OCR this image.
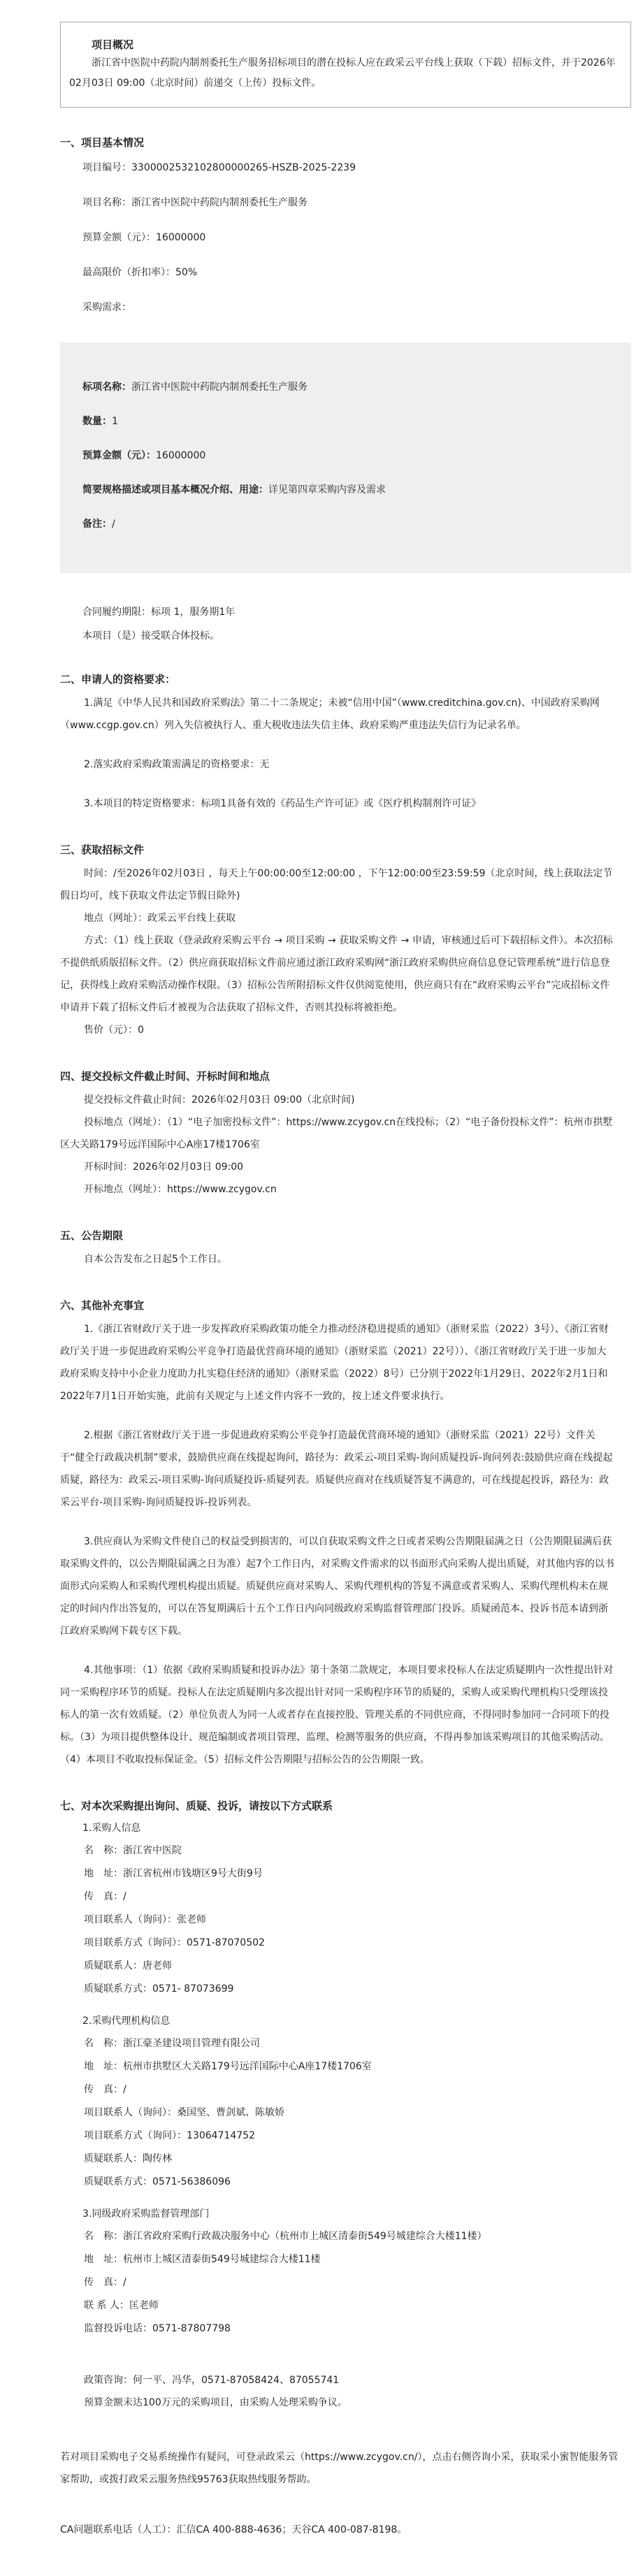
项目概况
浙江省中医院中药院内制剂委托生产服务招标项目的潜在投标人应在政采云平台线上获取（下载）招标文件，并于2026年02月03日 09:00（北京时间）前递交（上传）投标文件。
一、项目基本情况
项目编号：3300002532102800000265-HSZB-2025-2239
项目名称：浙江省中医院中药院内制剂委托生产服务
预算金额（元）：16000000
最高限价（折扣率）：50%
采购需求：
标项名称：浙江省中医院中药院内制剂委托生产服务
数量：1
预算金额（元）：16000000
简要规格描述或项目基本概况介绍、用途：详见第四章采购内容及需求
备注：/
合同履约期限：标项 1，服务期1年
本项目（是）接受联合体投标。
二、申请人的资格要求：
1.满足《中华人民共和国政府采购法》第二十二条规定；未被“信用中国”（www.creditchina.gov.cn)、中国政府采购网（www.ccgp.gov.cn）列入失信被执行人、重大税收违法失信主体、政府采购严重违法失信行为记录名单。
2.落实政府采购政策需满足的资格要求：无
3.本项目的特定资格要求：标项1具备有效的《药品生产许可证》或《医疗机构制剂许可证》
三、获取招标文件
时间：/至2026年02月03日 ，每天上午00:00:00至12:00:00 ，下午12:00:00至23:59:59（北京时间，线上获取法定节假日均可，线下获取文件法定节假日除外)
地点（网址）：政采云平台线上获取
方式：（1）线上获取（登录政府采购云平台 → 项目采购 → 获取采购文件 → 申请，审核通过后可下载招标文件）。本次招标不提供纸质版招标文件。（2）供应商获取招标文件前应通过浙江政府采购网“浙江政府采购供应商信息登记管理系统”进行信息登记，获得线上政府采购活动操作权限。（3）招标公告所附招标文件仅供阅览使用，供应商只有在“政府采购云平台”完成招标文件申请并下载了招标文件后才被视为合法获取了招标文件，否则其投标将被拒绝。
售价（元）：0
四、提交投标文件截止时间、开标时间和地点
提交投标文件截止时间：2026年02月03日 09:00（北京时间)
投标地点（网址）：（1）“电子加密投标文件”：https://www.zcygov.cn在线投标；（2）“电子备份投标文件”：杭州市拱墅区大关路179号远洋国际中心A座17楼1706室
开标时间：2026年02月03日 09:00
开标地点（网址）：https://www.zcygov.cn
五、公告期限
自本公告发布之日起5个工作日。
六、其他补充事宜
1.《浙江省财政厅关于进一步发挥政府采购政策功能全力推动经济稳进提质的通知》（浙财采监（2022）3号）、《浙江省财政厅关于进一步促进政府采购公平竞争打造最优营商环境的通知》（浙财采监（2021）22号））、《浙江省财政厅关于进一步加大政府采购支持中小企业力度助力扎实稳住经济的通知》（浙财采监（2022）8号）已分别于2022年1月29日、2022年2月1日和2022年7月1日开始实施，此前有关规定与上述文件内容不一致的，按上述文件要求执行。
2.根据《浙江省财政厅关于进一步促进政府采购公平竞争打造最优营商环境的通知》（浙财采监（2021）22号）文件关于“健全行政裁决机制”要求，鼓励供应商在线提起询问，路径为：政采云-项目采购-询问质疑投诉-询问列表:鼓励供应商在线提起质疑，路径为：政采云-项目采购-询问质疑投诉-质疑列表。质疑供应商对在线质疑答复不满意的，可在线提起投诉，路径为：政采云平台-项目采购-询问质疑投诉-投诉列表。
3.供应商认为采购文件使自己的权益受到损害的，可以自获取采购文件之日或者采购公告期限届满之日（公告期限届满后获取采购文件的，以公告期限届满之日为准）起7个工作日内，对采购文件需求的以书面形式向采购人提出质疑，对其他内容的以书面形式向采购人和采购代理机构提出质疑。质疑供应商对采购人、采购代理机构的答复不满意或者采购人、采购代理机构未在规定的时间内作出答复的，可以在答复期满后十五个工作日内向同级政府采购监督管理部门投诉。质疑函范本、投诉书范本请到浙江政府采购网下载专区下载。
4.其他事项：（1）依据《政府采购质疑和投诉办法》第十条第二款规定，本项目要求投标人在法定质疑期内一次性提出针对同一采购程序环节的质疑。投标人在法定质疑期内多次提出针对同一采购程序环节的质疑的，采购人或采购代理机构只受理该投标人的第一次有效质疑。（2）单位负责人为同一人或者存在直接控股、管理关系的不同供应商，不得同时参加同一合同项下的投标。（3）为项目提供整体设计、规范编制或者项目管理、监理、检测等服务的供应商，不得再参加该采购项目的其他采购活动。（4）本项目不收取投标保证金。（5）招标文件公告期限与招标公告的公告期限一致。
七、对本次采购提出询问、质疑、投诉，请按以下方式联系
1.采购人信息
名　称：浙江省中医院
地　址：浙江省杭州市钱塘区9号大街9号
传　真：/
项目联系人（询问）：张老师
项目联系方式（询问）：0571-87070502
质疑联系人：唐老师
质疑联系方式：0571- 87073699
2.采购代理机构信息
名　称：浙江豪圣建设项目管理有限公司
地　址：杭州市拱墅区大关路179号远洋国际中心A座17楼1706室
传　真：/
项目联系人（询问）：桑国坚、曹剑斌、陈敏娇
项目联系方式（询问）：13064714752
质疑联系人：陶传林
质疑联系方式：0571-56386096
3.同级政府采购监督管理部门
名　称：浙江省政府采购行政裁决服务中心（杭州市上城区清泰街549号城建综合大楼11楼）
地　址：杭州市上城区清泰街549号城建综合大楼11楼
传　真：/
联 系 人：匡老师
监督投诉电话：0571-87807798
政策咨询：何一平、冯华，0571-87058424、87055741
预算金额未达100万元的采购项目，由采购人处理采购争议。
若对项目采购电子交易系统操作有疑问，可登录政采云（https://www.zcygov.cn/），点击右侧咨询小采，获取采小蜜智能服务管家帮助，或拨打政采云服务热线95763获取热线服务帮助。
CA问题联系电话（人工）：汇信CA 400-888-4636；天谷CA 400-087-8198。
